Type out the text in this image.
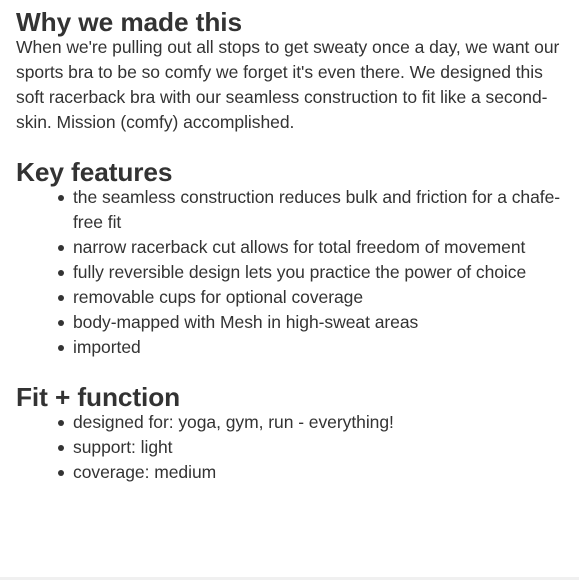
Why we made this

When we're pulling out all stops to get sweaty once a day, we want our sports bra to be so comfy we forget it's even there. We designed this soft racerback bra with our seamless construction to fit like a second-skin. Mission (comfy) accomplished.

Key features
the seamless construction reduces bulk and friction for a chafe-free fit
narrow racerback cut allows for total freedom of movement
fully reversible design lets you practice the power of choice
removable cups for optional coverage
body-mapped with Mesh in high-sweat areas
imported
Fit + function
designed for: yoga, gym, run - everything!
support: light
coverage: medium
